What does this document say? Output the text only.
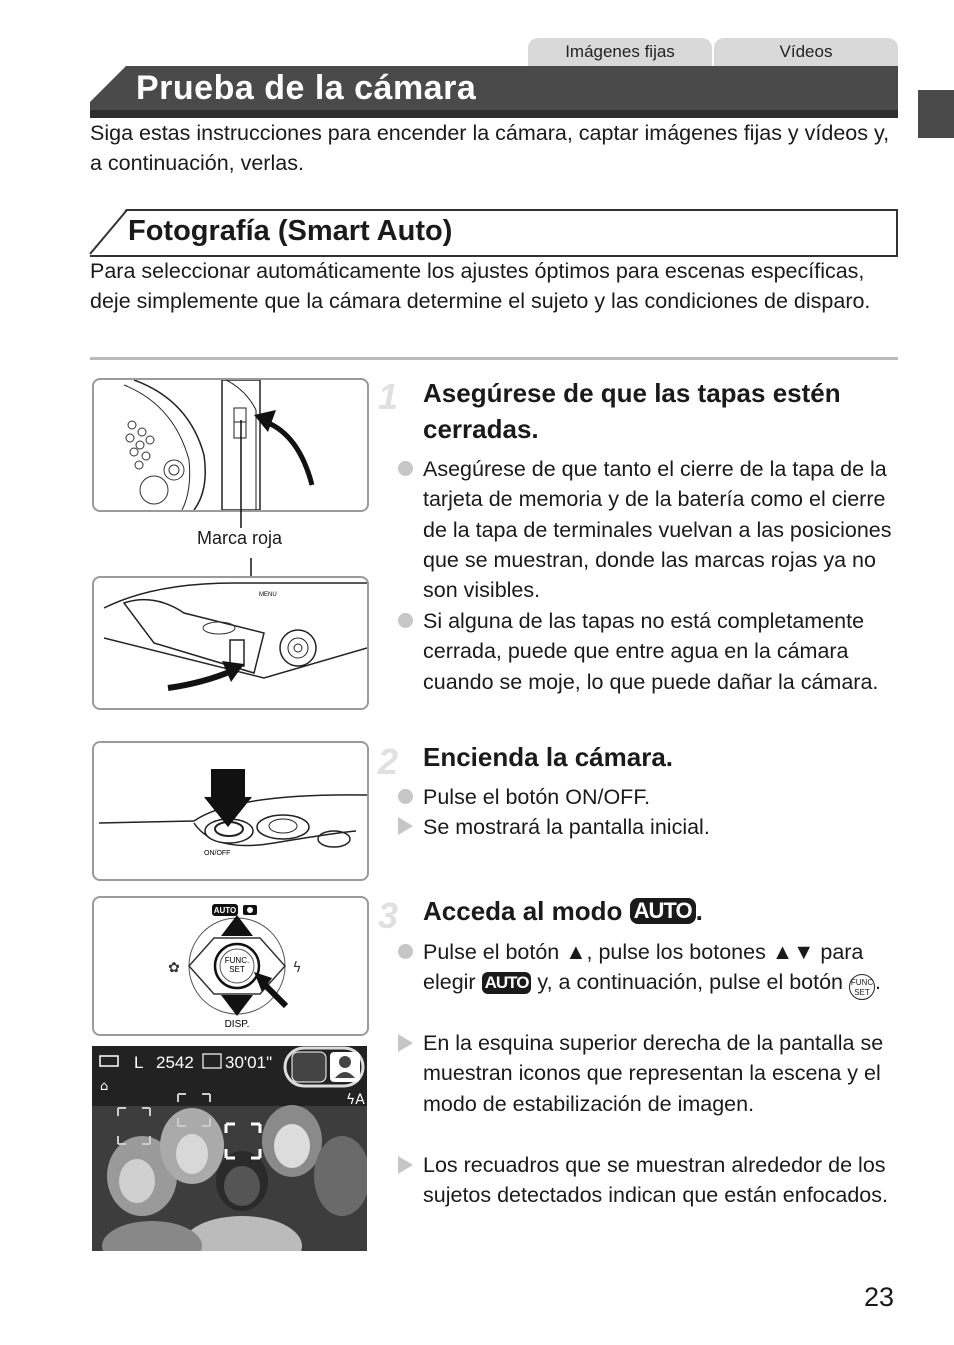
Imágenes fijas	Vídeos
Prueba de la cámara
Siga estas instrucciones para encender la cámara, captar imágenes fijas y vídeos y, a continuación, verlas.
Fotografía (Smart Auto)
Para seleccionar automáticamente los ajustes óptimos para escenas específicas, deje simplemente que la cámara determine el sujeto y las condiciones de disparo.
Marca roja
MENU
1 Asegúrese de que las tapas estén cerradas.
Asegúrese de que tanto el cierre de la tapa de la tarjeta de memoria y de la batería como el cierre de la tapa de terminales vuelvan a las posiciones que se muestran, donde las marcas rojas ya no son visibles.
Si alguna de las tapas no está completamente cerrada, puede que entre agua en la cámara cuando se moje, lo que puede dañar la cámara.
ON/OFF
2 Encienda la cámara.
Pulse el botón ON/OFF.
Se mostrará la pantalla inicial.
FUNC.
SET
AUTO
DISP.
✿	ϟ
L 2542 30'01"
ϟA
⌂
3 Acceda al modo AUTO .
Pulse el botón ▲, pulse los botones ▲▼ para elegir AUTO y, a continuación, pulse el botón FUNC SET .
En la esquina superior derecha de la pantalla se muestran iconos que representan la escena y el modo de estabilización de imagen.
Los recuadros que se muestran alrededor de los sujetos detectados indican que están enfocados.
23
